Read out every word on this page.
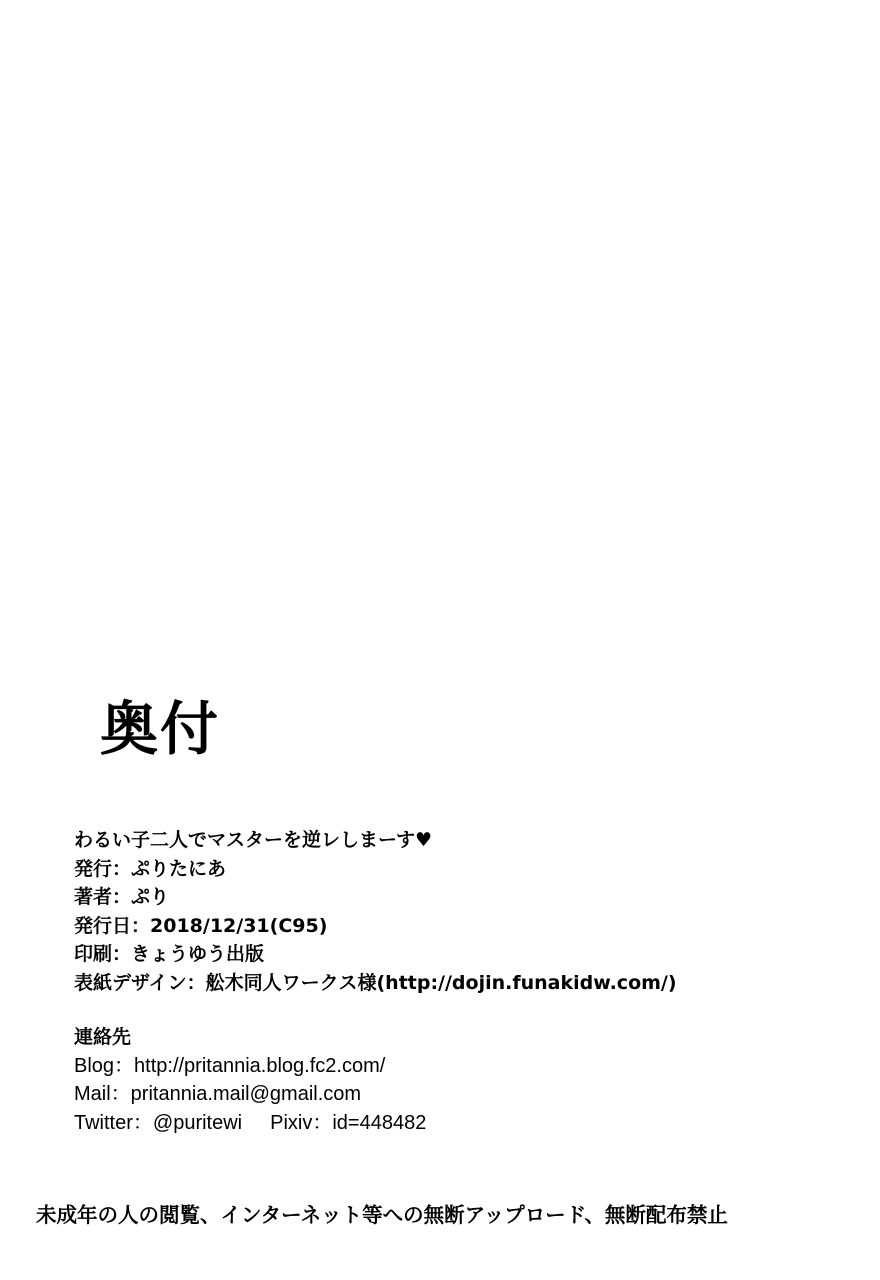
奥付
わるい子二人でマスターを逆レしまーす♥
発行：ぷりたにあ
著者：ぷり
発行日：2018/12/31(C95)
印刷：きょうゆう出版
表紙デザイン：舩木同人ワークス様(http://dojin.funakidw.com/)
連絡先
Blog：http://pritannia.blog.fc2.com/
Mail：pritannia.mail@gmail.com
Twitter：@puritewi Pixiv：id=448482
未成年の人の閲覧、インターネット等への無断アップロード、無断配布禁止
